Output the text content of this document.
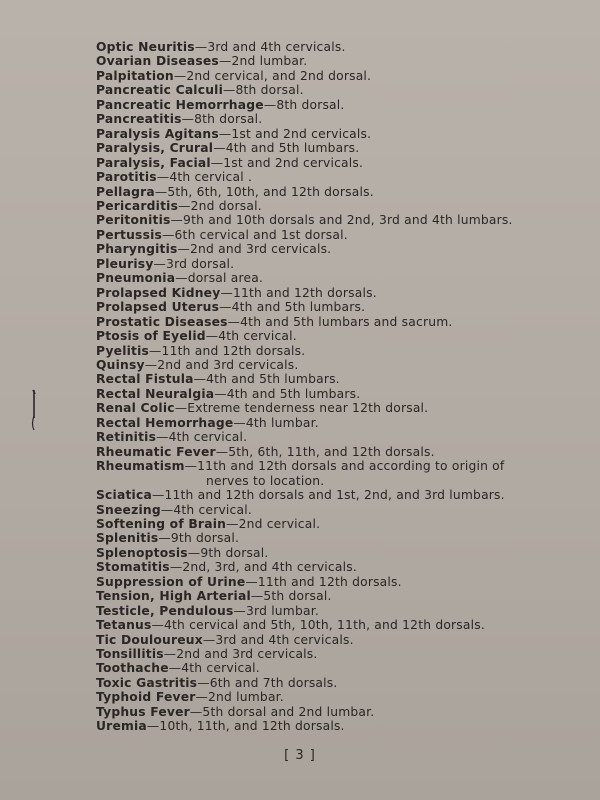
Optic Neuritis—3rd and 4th cervicals.
Ovarian Diseases—2nd lumbar.
Palpitation—2nd cervical, and 2nd dorsal.
Pancreatic Calculi—8th dorsal.
Pancreatic Hemorrhage—8th dorsal.
Pancreatitis—8th dorsal.
Paralysis Agitans—1st and 2nd cervicals.
Paralysis, Crural—4th and 5th lumbars.
Paralysis, Facial—1st and 2nd cervicals.
Parotitis—4th cervical .
Pellagra—5th, 6th, 10th, and 12th dorsals.
Pericarditis—2nd dorsal.
Peritonitis—9th and 10th dorsals and 2nd, 3rd and 4th lumbars.
Pertussis—6th cervical and 1st dorsal.
Pharyngitis—2nd and 3rd cervicals.
Pleurisy—3rd dorsal.
Pneumonia—dorsal area.
Prolapsed Kidney—11th and 12th dorsals.
Prolapsed Uterus—4th and 5th lumbars.
Prostatic Diseases—4th and 5th lumbars and sacrum.
Ptosis of Eyelid—4th cervical.
Pyelitis—11th and 12th dorsals.
Quinsy—2nd and 3rd cervicals.
Rectal Fistula—4th and 5th lumbars.
Rectal Neuralgia—4th and 5th lumbars.
Renal Colic—Extreme tenderness near 12th dorsal.
Rectal Hemorrhage—4th lumbar.
Retinitis—4th cervical.
Rheumatic Fever—5th, 6th, 11th, and 12th dorsals.
Rheumatism—11th and 12th dorsals and according to origin of
nerves to location.
Sciatica—11th and 12th dorsals and 1st, 2nd, and 3rd lumbars.
Sneezing—4th cervical.
Softening of Brain—2nd cervical.
Splenitis—9th dorsal.
Splenoptosis—9th dorsal.
Stomatitis—2nd, 3rd, and 4th cervicals.
Suppression of Urine—11th and 12th dorsals.
Tension, High Arterial—5th dorsal.
Testicle, Pendulous—3rd lumbar.
Tetanus—4th cervical and 5th, 10th, 11th, and 12th dorsals.
Tic Douloureux—3rd and 4th cervicals.
Tonsillitis—2nd and 3rd cervicals.
Toothache—4th cervical.
Toxic Gastritis—6th and 7th dorsals.
Typhoid Fever—2nd lumbar.
Typhus Fever—5th dorsal and 2nd lumbar.
Uremia—10th, 11th, and 12th dorsals.
[ 3 ]
